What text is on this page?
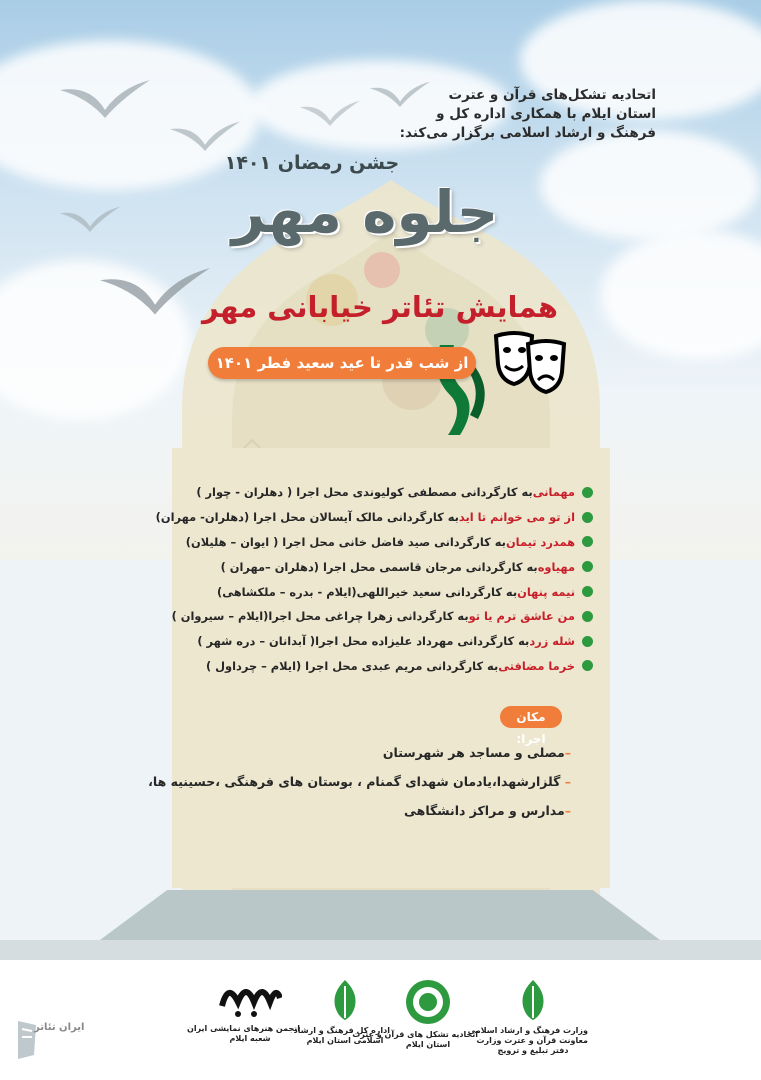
اتحادیه تشکل‌های قرآن و عترت
استان ایلام با همکاری اداره کل و
فرهنگ و ارشاد اسلامی برگزار می‌کند:
جشن رمضان ۱۴۰۱
جلوه مهر
همایش تئاتر خیابانی مهر
از شب قدر تا عید سعید فطر ۱۴۰۱
مهمانی
به کارگردانی مصطفی کولیوندی محل اجرا ( دهلران - چوار )
از تو می خوانم تا اید
به کارگردانی مالک آیسالان محل اجرا (دهلران- مهران)
همدرد تیمان
به کارگردانی صید فاضل خانی محل اجرا ( ایوان – هلیلان)
مهیاوه
به کارگردانی مرجان قاسمی محل اجرا (دهلران –مهران )
نیمه پنهان
به کارگردانی سعید خیراللهی(ایلام - بدره – ملکشاهی)
من عاشق ترم یا تو
به کارگردانی زهرا چراغی محل اجرا(ایلام – سیروان )
شله زرد
به کارگردانی مهرداد علیزاده محل اجرا( آبدانان – دره شهر )
خرما مضافتی
به کارگردانی مریم عبدی محل اجرا (ایلام – چرداول )
مکان اجرا:
–مصلی و مساجد هر شهرستان
– گلزارشهدا،یادمان شهدای گمنام ، بوستان های فرهنگی ،حسینیه ها،
–مدارس و مراکز دانشگاهی
وزارت فرهنگ و ارشاد اسلامی
معاونت قرآن و عترت وزارت
دفتر تبلیغ و ترویج
اتحادیه تشکل های قرآن و عترت
استان ایلام
اداره کل فرهنگ و ارشاد
اسلامی استان ایلام
انجمن هنرهای نمایشی ایران
شعبه ایلام
ایران تئاتر
